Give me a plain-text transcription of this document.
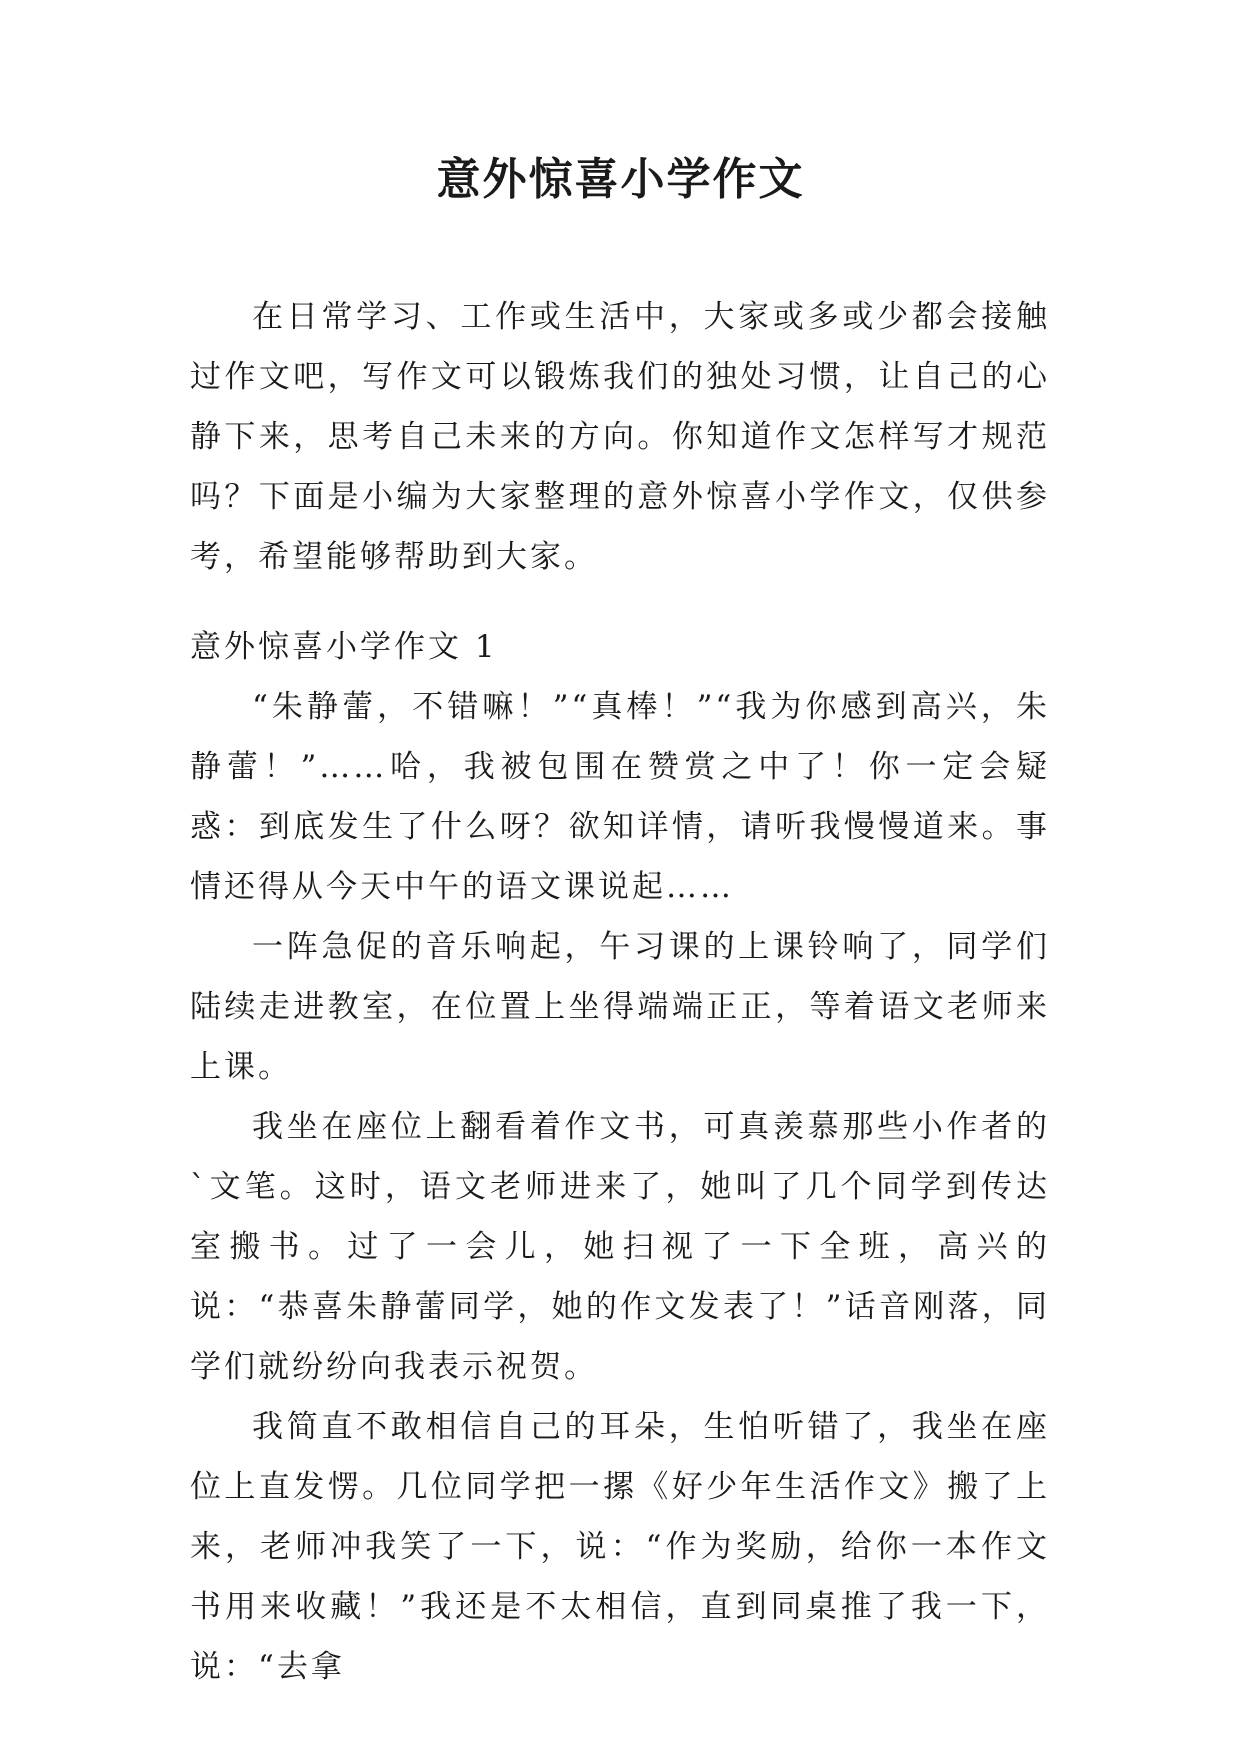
意外惊喜小学作文

在日常学习、工作或生活中，大家或多或少都会接触过作文吧，写作文可以锻炼我们的独处习惯，让自己的心静下来，思考自己未来的方向。你知道作文怎样写才规范吗？下面是小编为大家整理的意外惊喜小学作文，仅供参考，希望能够帮助到大家。

意外惊喜小学作文 1

“朱静蕾，不错嘛！”“真棒！”“我为你感到高兴，朱静蕾！”……哈，我被包围在赞赏之中了！你一定会疑惑：到底发生了什么呀？欲知详情，请听我慢慢道来。事情还得从今天中午的语文课说起……

一阵急促的音乐响起，午习课的上课铃响了，同学们陆续走进教室，在位置上坐得端端正正，等着语文老师来上课。

我坐在座位上翻看着作文书，可真羡慕那些小作者的`文笔。这时，语文老师进来了，她叫了几个同学到传达室搬书。过了一会儿，她扫视了一下全班，高兴的说：“恭喜朱静蕾同学，她的作文发表了！”话音刚落，同学们就纷纷向我表示祝贺。

我简直不敢相信自己的耳朵，生怕听错了，我坐在座位上直发愣。几位同学把一摞《好少年生活作文》搬了上来，老师冲我笑了一下，说：“作为奖励，给你一本作文书用来收藏！”我还是不太相信，直到同桌推了我一下，说：“去拿
